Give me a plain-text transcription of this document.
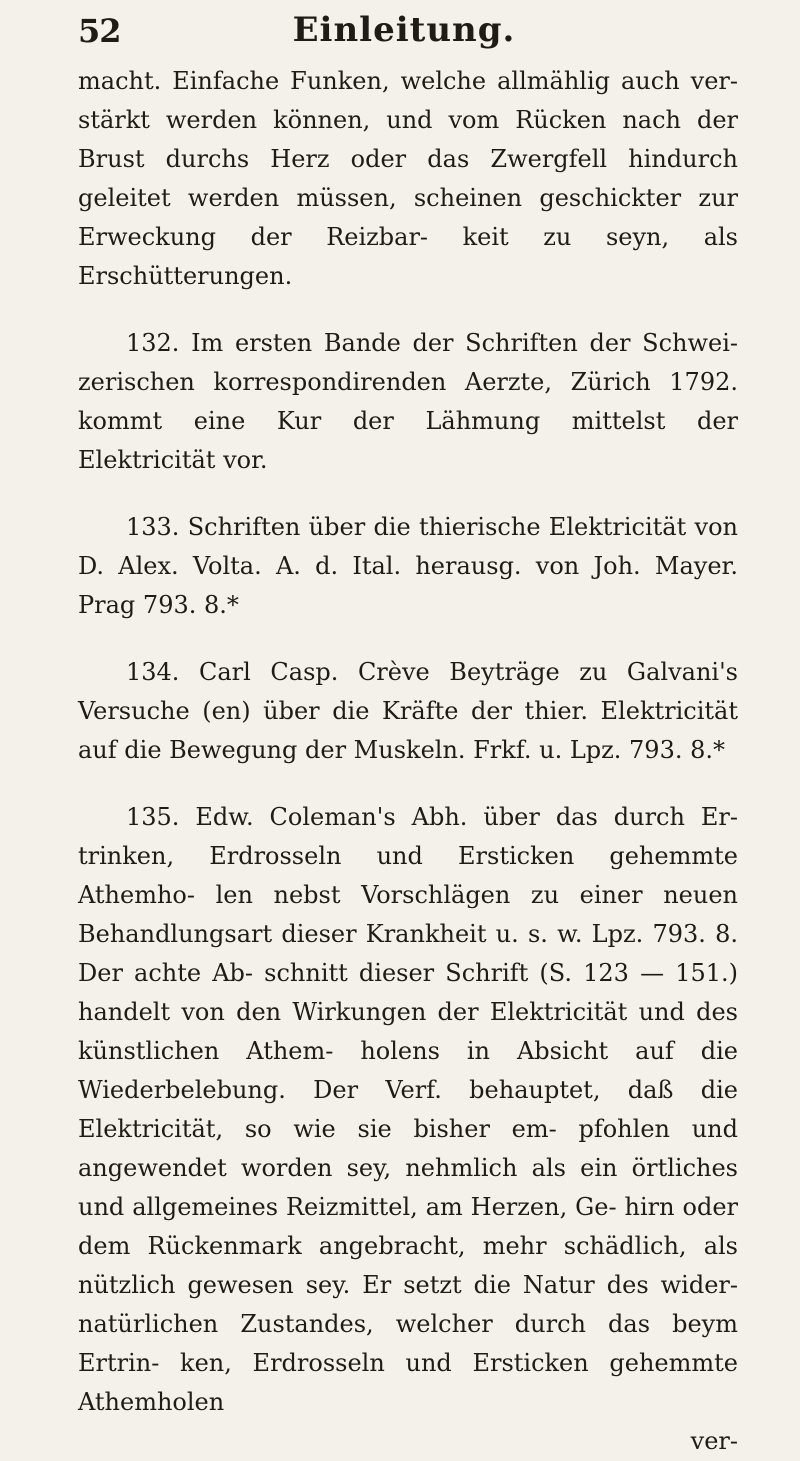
52	Einleitung.

macht. Einfache Funken, welche allmählig auch ver- stärkt werden können, und vom Rücken nach der Brust durchs Herz oder das Zwergfell hindurch geleitet werden müssen, scheinen geschickter zur Erweckung der Reizbar- keit zu seyn, als Erschütterungen.

132. Im ersten Bande der Schriften der Schwei- zerischen korrespondirenden Aerzte, Zürich 1792. kommt eine Kur der Lähmung mittelst der Elektricität vor.

133. Schriften über die thierische Elektricität von D. Alex. Volta. A. d. Ital. herausg. von Joh. Mayer. Prag 793. 8.*

134. Carl Casp. Crève Beyträge zu Galvani's Versuche (en) über die Kräfte der thier. Elektricität auf die Bewegung der Muskeln. Frkf. u. Lpz. 793. 8.*

135. Edw. Coleman's Abh. über das durch Er- trinken, Erdrosseln und Ersticken gehemmte Athemho- len nebst Vorschlägen zu einer neuen Behandlungsart dieser Krankheit u. s. w. Lpz. 793. 8. Der achte Ab- schnitt dieser Schrift (S. 123 — 151.) handelt von den Wirkungen der Elektricität und des künstlichen Athem- holens in Absicht auf die Wiederbelebung. Der Verf. behauptet, daß die Elektricität, so wie sie bisher em- pfohlen und angewendet worden sey, nehmlich als ein örtliches und allgemeines Reizmittel, am Herzen, Ge- hirn oder dem Rückenmark angebracht, mehr schädlich, als nützlich gewesen sey. Er setzt die Natur des wider- natürlichen Zustandes, welcher durch das beym Ertrin- ken, Erdrosseln und Ersticken gehemmte Athemholen

ver-
